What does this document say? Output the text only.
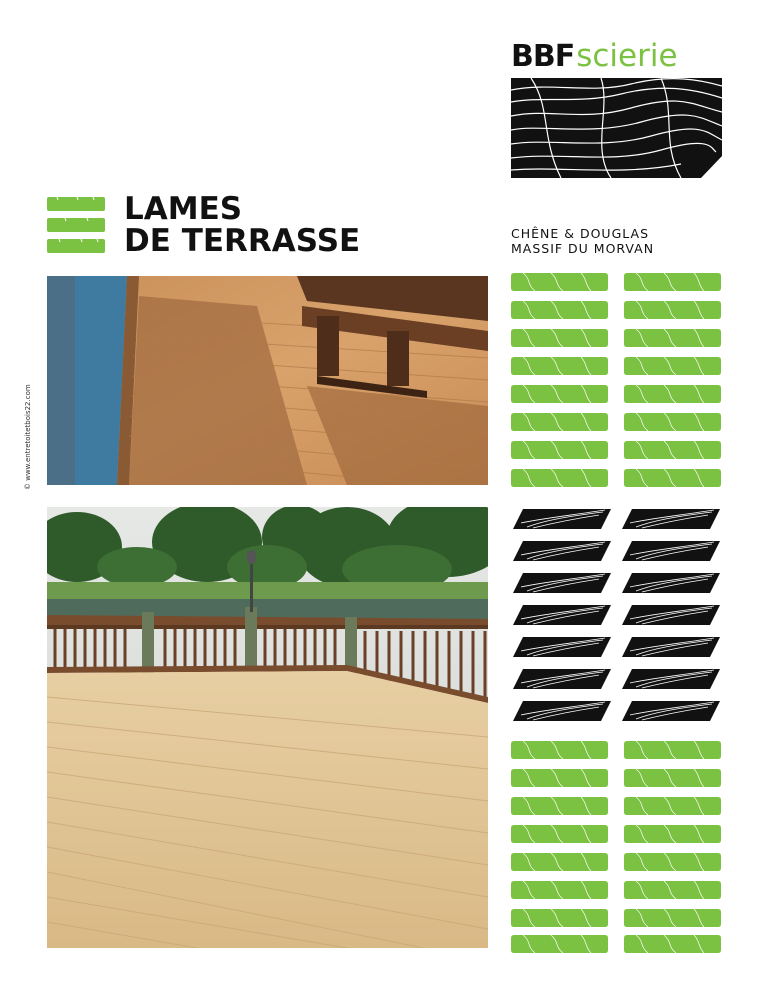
BBF scierie
LAMES
DE TERRASSE	CHÊNE & DOUGLAS
MASSIF DU MORVAN
© www.entretoitetbois22.com
